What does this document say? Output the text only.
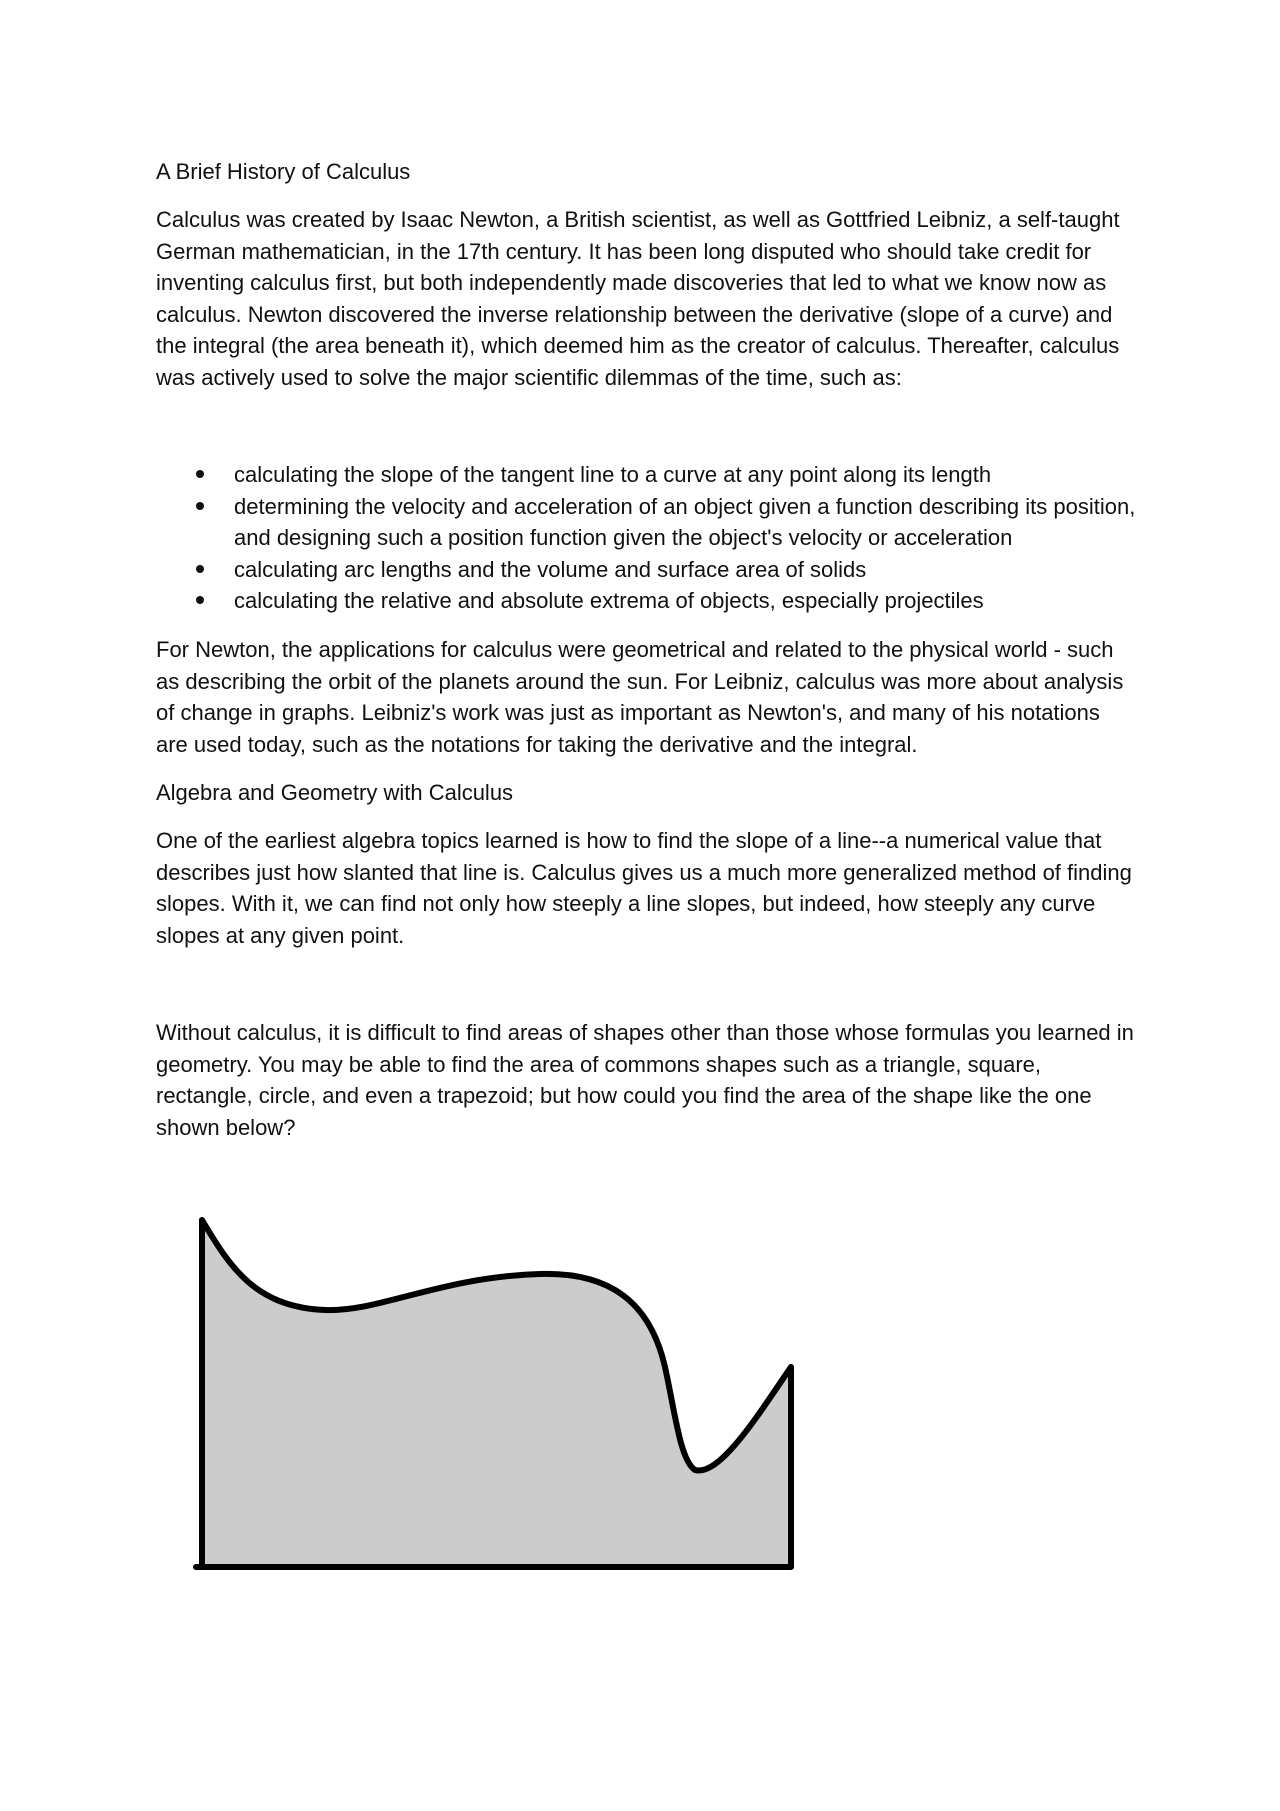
A Brief History of Calculus

Calculus was created by Isaac Newton, a British scientist, as well as Gottfried Leibniz, a self-taught German mathematician, in the 17th century. It has been long disputed who should take credit for inventing calculus first, but both independently made discoveries that led to what we know now as calculus. Newton discovered the inverse relationship between the derivative (slope of a curve) and the integral (the area beneath it), which deemed him as the creator of calculus. Thereafter, calculus was actively used to solve the major scientific dilemmas of the time, such as:

calculating the slope of the tangent line to a curve at any point along its length
determining the velocity and acceleration of an object given a function describing its position, and designing such a position function given the object's velocity or acceleration
calculating arc lengths and the volume and surface area of solids
calculating the relative and absolute extrema of objects, especially projectiles

For Newton, the applications for calculus were geometrical and related to the physical world - such as describing the orbit of the planets around the sun. For Leibniz, calculus was more about analysis of change in graphs. Leibniz's work was just as important as Newton's, and many of his notations are used today, such as the notations for taking the derivative and the integral.

Algebra and Geometry with Calculus

One of the earliest algebra topics learned is how to find the slope of a line--a numerical value that describes just how slanted that line is. Calculus gives us a much more generalized method of finding slopes. With it, we can find not only how steeply a line slopes, but indeed, how steeply any curve slopes at any given point.

Without calculus, it is difficult to find areas of shapes other than those whose formulas you learned in geometry. You may be able to find the area of commons shapes such as a triangle, square, rectangle, circle, and even a trapezoid; but how could you find the area of the shape like the one shown below?
